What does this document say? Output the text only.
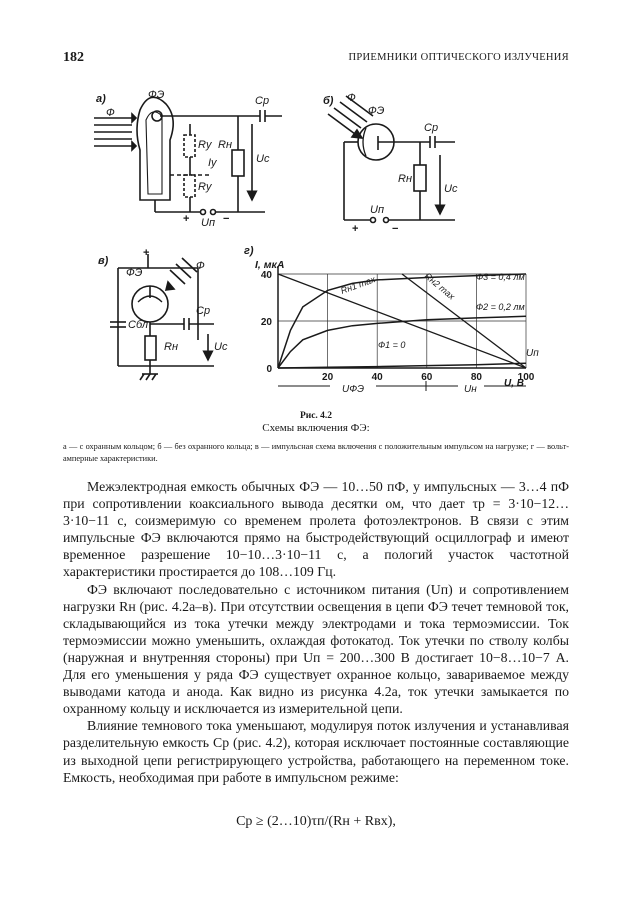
182	ПРИЕМНИКИ ОПТИЧЕСКОГО ИЗЛУЧЕНИЯ
а)
Ф
ФЭ	Cр
Rу
Iу
Rу
Rн
Uс
+ Uп −
б) Ф
ФЭ
Cр
Rн
Uс
+
Uп
−
в)
+
Ф
ФЭ
Cр
Cбл
Rн	Uс
г)
I, мкА
20	40	60	80	100
0
20
40	Ф3 = 0,4 лм
Ф2 = 0,2 лм
Ф1 = 0
Rн1 max	Rн2 max
Uп
UФЭ	Uн
U, В
Рис. 4.2
Схемы включения ФЭ:
а — с охранным кольцом; б — без охранного кольца; в — импульсная схема включения с положительным импульсом на нагрузке; г — вольт-амперные характеристики.

Межэлектродная емкость обычных ФЭ — 10…50 пФ, у импульсных — 3…4 пФ при сопротивлении коаксиального вывода десятки ом, что дает τр = 3·10−12…3·10−11 с, соизмеримую со временем пролета фотоэлектронов. В связи с этим импульсные ФЭ включаются прямо на быстродействующий осциллограф и имеют временное разрешение 10−10…3·10−11 с, а пологий участок частотной характеристики простирается до 108…109 Гц.

ФЭ включают последовательно с источником питания (Uп) и сопротивлением нагрузки Rн (рис. 4.2а–в). При отсутствии освещения в цепи ФЭ течет темновой ток, складывающийся из тока утечки между электродами и тока термоэмиссии. Ток термоэмиссии можно уменьшить, охлаждая фотокатод. Ток утечки по стволу колбы (наружная и внутренняя стороны) при Uп = 200…300 В достигает 10−8…10−7 А. Для его уменьшения у ряда ФЭ существует охранное кольцо, завариваемое между выводами катода и анода. Как видно из рисунка 4.2а, ток утечки замыкается по охранному кольцу и исключается из измерительной цепи.

Влияние темнового тока уменьшают, модулируя поток излучения и устанавливая разделительную емкость Cр (рис. 4.2), которая исключает постоянные составляющие из выходной цепи регистрирующего устройства, работающего на переменном токе. Емкость, необходимая при работе в импульсном режиме:

Cр ≥ (2…10)τп/(Rн + Rвх),
